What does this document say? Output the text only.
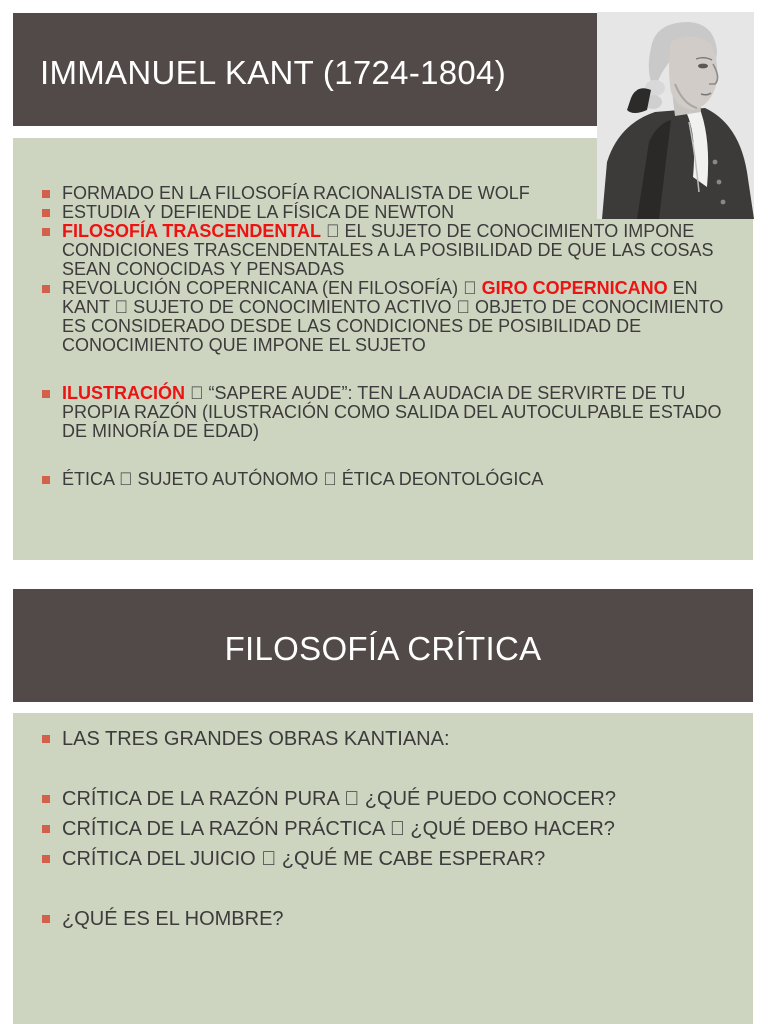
IMMANUEL KANT (1724-1804)
FORMADO EN LA FILOSOFÍA RACIONALISTA DE WOLF
ESTUDIA Y DEFIENDE LA FÍSICA DE NEWTON
FILOSOFÍA TRASCENDENTAL EL SUJETO DE CONOCIMIENTO IMPONE CONDICIONES TRASCENDENTALES A LA POSIBILIDAD DE QUE LAS COSAS SEAN CONOCIDAS Y PENSADAS
REVOLUCIÓN COPERNICANA (EN FILOSOFÍA) GIRO COPERNICANO EN KANT SUJETO DE CONOCIMIENTO ACTIVO OBJETO DE CONOCIMIENTO ES CONSIDERADO DESDE LAS CONDICIONES DE POSIBILIDAD DE CONOCIMIENTO QUE IMPONE EL SUJETO
ILUSTRACIÓN “SAPERE AUDE”: TEN LA AUDACIA DE SERVIRTE DE TU PROPIA RAZÓN (ILUSTRACIÓN COMO SALIDA DEL AUTOCULPABLE ESTADO DE MINORÍA DE EDAD)
ÉTICA SUJETO AUTÓNOMO ÉTICA DEONTOLÓGICA
FILOSOFÍA CRÍTICA
LAS TRES GRANDES OBRAS KANTIANA:
CRÍTICA DE LA RAZÓN PURA ¿QUÉ PUEDO CONOCER?
CRÍTICA DE LA RAZÓN PRÁCTICA ¿QUÉ DEBO HACER?
CRÍTICA DEL JUICIO ¿QUÉ ME CABE ESPERAR?
¿QUÉ ES EL HOMBRE?
